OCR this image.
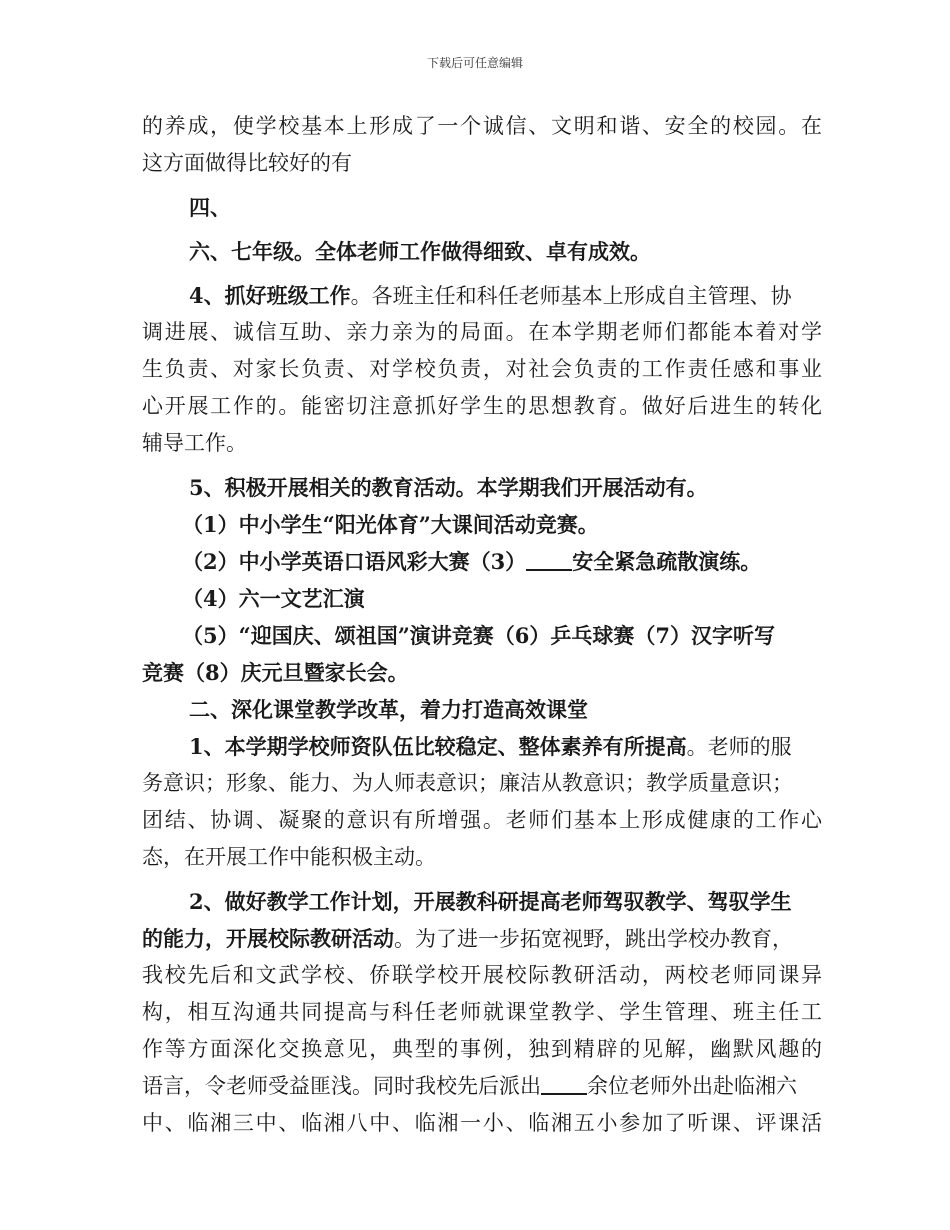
下载后可任意编辑
的养成，使学校基本上形成了一个诚信、文明和谐、安全的校园。在
这方面做得比较好的有
四、
六、七年级。全体老师工作做得细致、卓有成效。
4、抓好班级工作。各班主任和科任老师基本上形成自主管理、协
调进展、诚信互助、亲力亲为的局面。在本学期老师们都能本着对学
生负责、对家长负责、对学校负责，对社会负责的工作责任感和事业
心开展工作的。能密切注意抓好学生的思想教育。做好后进生的转化
辅导工作。
5、积极开展相关的教育活动。本学期我们开展活动有。
（1）中小学生“阳光体育”大课间活动竞赛。
（2）中小学英语口语风彩大赛（3） 安全紧急疏散演练。
（4）六一文艺汇演
（5）“迎国庆、颂祖国”演讲竞赛（6）乒乓球赛（7）汉字听写
竞赛（8）庆元旦暨家长会。
二、深化课堂教学改革，着力打造高效课堂
1、本学期学校师资队伍比较稳定、整体素养有所提高。老师的服
务意识；形象、能力、为人师表意识；廉洁从教意识；教学质量意识；
团结、协调、凝聚的意识有所增强。老师们基本上形成健康的工作心
态，在开展工作中能积极主动。
2、做好教学工作计划，开展教科研提高老师驾驭教学、驾驭学生
的能力，开展校际教研活动。为了进一步拓宽视野，跳出学校办教育，
我校先后和文武学校、侨联学校开展校际教研活动，两校老师同课异
构，相互沟通共同提高与科任老师就课堂教学、学生管理、班主任工
作等方面深化交换意见，典型的事例，独到精辟的见解，幽默风趣的
语言，令老师受益匪浅。同时我校先后派出 余位老师外出赴临湘六
中、临湘三中、临湘八中、临湘一小、临湘五小参加了听课、评课活
